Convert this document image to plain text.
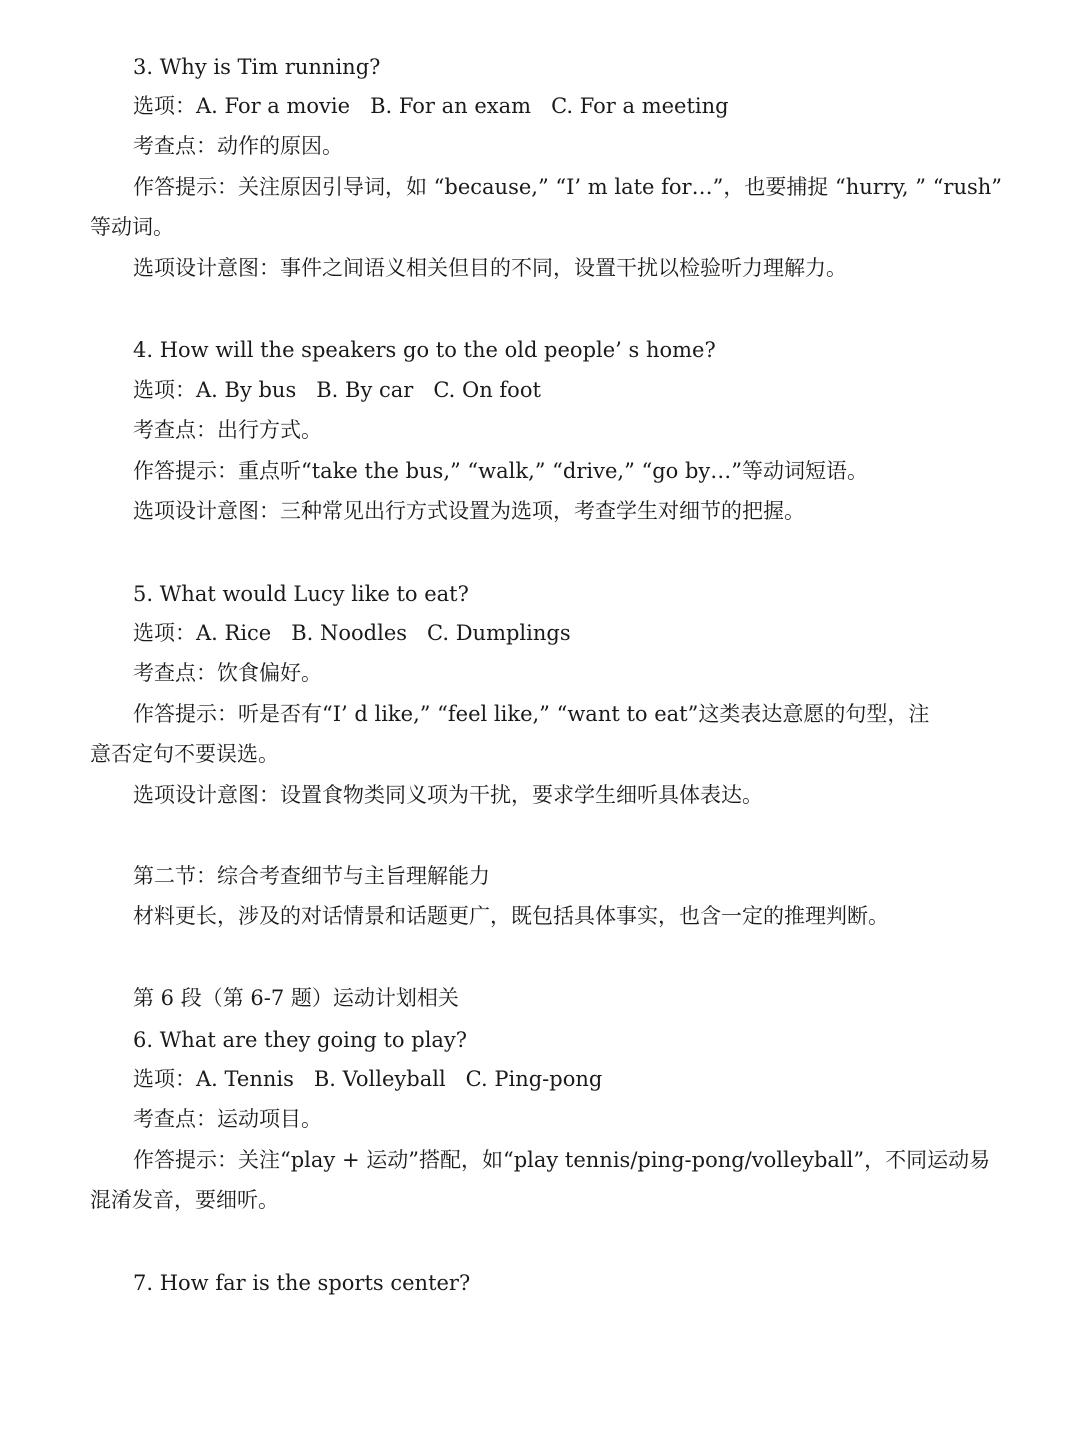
3. Why is Tim running?
选项：A. For a movie B. For an exam C. For a meeting
考查点：动作的原因。
作答提示：关注原因引导词，如 “because,” “I’ m late for…”，也要捕捉 “hurry, ” “rush”
等动词。
选项设计意图：事件之间语义相关但目的不同，设置干扰以检验听力理解力。
4. How will the speakers go to the old people’ s home?
选项：A. By bus B. By car C. On foot
考查点：出行方式。
作答提示：重点听“take the bus,” “walk,” “drive,” “go by…”等动词短语。
选项设计意图：三种常见出行方式设置为选项，考查学生对细节的把握。
5. What would Lucy like to eat?
选项：A. Rice B. Noodles C. Dumplings
考查点：饮食偏好。
作答提示：听是否有“I’ d like,” “feel like,” “want to eat”这类表达意愿的句型，注
意否定句不要误选。
选项设计意图：设置食物类同义项为干扰，要求学生细听具体表达。
第二节：综合考查细节与主旨理解能力
材料更长，涉及的对话情景和话题更广，既包括具体事实，也含一定的推理判断。
第 6 段（第 6-7 题）运动计划相关
6. What are they going to play?
选项：A. Tennis B. Volleyball C. Ping-pong
考查点：运动项目。
作答提示：关注“play + 运动”搭配，如“play tennis/ping-pong/volleyball”，不同运动易
混淆发音，要细听。
7. How far is the sports center?
